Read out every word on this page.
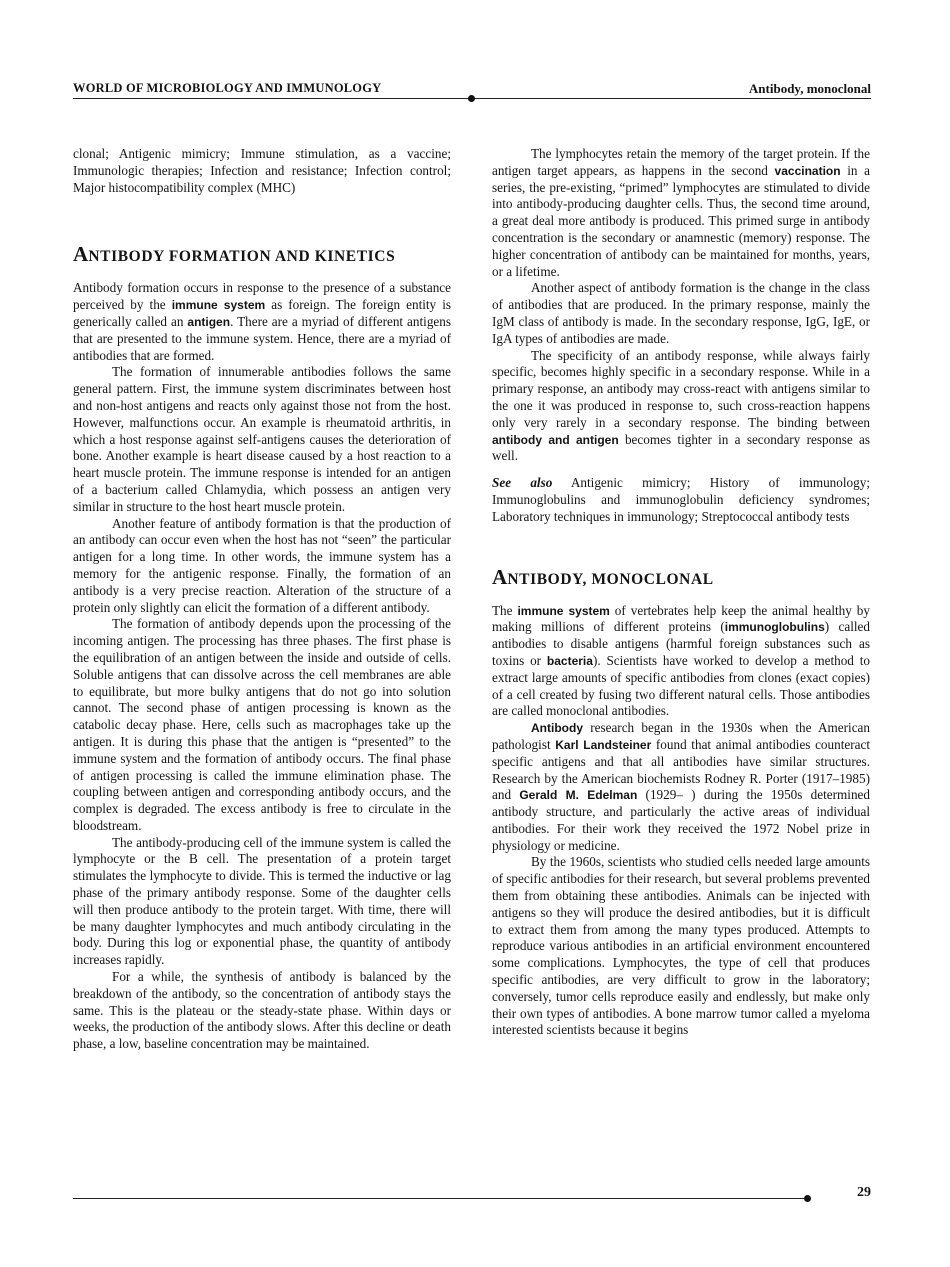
WORLD OF MICROBIOLOGY AND IMMUNOLOGY	Antibody, monoclonal

clonal; Antigenic mimicry; Immune stimulation, as a vaccine; Immunologic therapies; Infection and resistance; Infection control; Major histocompatibility complex (MHC)

ANTIBODY FORMATION AND KINETICS

Antibody formation occurs in response to the presence of a substance perceived by the immune system as foreign. The foreign entity is generically called an antigen. There are a myriad of different antigens that are presented to the immune system. Hence, there are a myriad of antibodies that are formed.

The formation of innumerable antibodies follows the same general pattern. First, the immune system discriminates between host and non-host antigens and reacts only against those not from the host. However, malfunctions occur. An example is rheumatoid arthritis, in which a host response against self-antigens causes the deterioration of bone. Another example is heart disease caused by a host reaction to a heart muscle protein. The immune response is intended for an antigen of a bacterium called Chlamydia, which possess an antigen very similar in structure to the host heart muscle protein.

Another feature of antibody formation is that the production of an antibody can occur even when the host has not “seen” the particular antigen for a long time. In other words, the immune system has a memory for the antigenic response. Finally, the formation of an antibody is a very precise reaction. Alteration of the structure of a protein only slightly can elicit the formation of a different antibody.

The formation of antibody depends upon the processing of the incoming antigen. The processing has three phases. The first phase is the equilibration of an antigen between the inside and outside of cells. Soluble antigens that can dissolve across the cell membranes are able to equilibrate, but more bulky antigens that do not go into solution cannot. The second phase of antigen processing is known as the catabolic decay phase. Here, cells such as macrophages take up the antigen. It is during this phase that the antigen is “presented” to the immune system and the formation of antibody occurs. The final phase of antigen processing is called the immune elimination phase. The coupling between antigen and corresponding antibody occurs, and the complex is degraded. The excess antibody is free to circulate in the bloodstream.

The antibody-producing cell of the immune system is called the lymphocyte or the B cell. The presentation of a protein target stimulates the lymphocyte to divide. This is termed the inductive or lag phase of the primary antibody response. Some of the daughter cells will then produce antibody to the protein target. With time, there will be many daughter lymphocytes and much antibody circulating in the body. During this log or exponential phase, the quantity of antibody increases rapidly.

For a while, the synthesis of antibody is balanced by the breakdown of the antibody, so the concentration of antibody stays the same. This is the plateau or the steady-state phase. Within days or weeks, the production of the antibody slows. After this decline or death phase, a low, baseline concentration may be maintained.

The lymphocytes retain the memory of the target protein. If the antigen target appears, as happens in the second vaccination in a series, the pre-existing, “primed” lymphocytes are stimulated to divide into antibody-producing daughter cells. Thus, the second time around, a great deal more antibody is produced. This primed surge in antibody concentration is the secondary or anamnestic (memory) response. The higher concentration of antibody can be maintained for months, years, or a lifetime.

Another aspect of antibody formation is the change in the class of antibodies that are produced. In the primary response, mainly the IgM class of antibody is made. In the secondary response, IgG, IgE, or IgA types of antibodies are made.

The specificity of an antibody response, while always fairly specific, becomes highly specific in a secondary response. While in a primary response, an antibody may cross-react with antigens similar to the one it was produced in response to, such cross-reaction happens only very rarely in a secondary response. The binding between antibody and antigen becomes tighter in a secondary response as well.

See also Antigenic mimicry; History of immunology; Immunoglobulins and immunoglobulin deficiency syndromes; Laboratory techniques in immunology; Streptococcal antibody tests

ANTIBODY, MONOCLONAL

The immune system of vertebrates help keep the animal healthy by making millions of different proteins (immunoglobulins) called antibodies to disable antigens (harmful foreign substances such as toxins or bacteria). Scientists have worked to develop a method to extract large amounts of specific antibodies from clones (exact copies) of a cell created by fusing two different natural cells. Those antibodies are called monoclonal antibodies.

Antibody research began in the 1930s when the American pathologist Karl Landsteiner found that animal antibodies counteract specific antigens and that all antibodies have similar structures. Research by the American biochemists Rodney R. Porter (1917–1985) and Gerald M. Edelman (1929– ) during the 1950s determined antibody structure, and particularly the active areas of individual antibodies. For their work they received the 1972 Nobel prize in physiology or medicine.

By the 1960s, scientists who studied cells needed large amounts of specific antibodies for their research, but several problems prevented them from obtaining these antibodies. Animals can be injected with antigens so they will produce the desired antibodies, but it is difficult to extract them from among the many types produced. Attempts to reproduce various antibodies in an artificial environment encountered some complications. Lymphocytes, the type of cell that produces specific antibodies, are very difficult to grow in the laboratory; conversely, tumor cells reproduce easily and endlessly, but make only their own types of antibodies. A bone marrow tumor called a myeloma interested scientists because it begins

29
